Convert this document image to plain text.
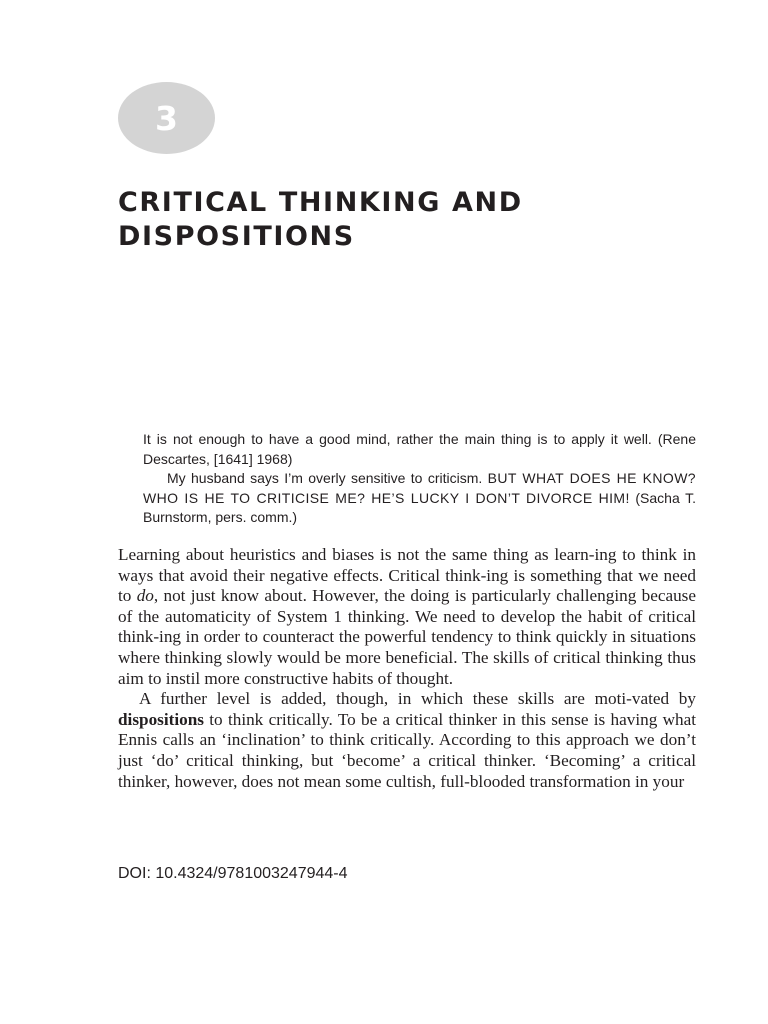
3
CRITICAL THINKING AND
DISPOSITIONS

It is not enough to have a good mind, rather the main thing is to apply it well. (Rene Descartes, [1641] 1968)

My husband says I’m overly sensitive to criticism. BUT WHAT DOES HE KNOW? WHO IS HE TO CRITICISE ME? HE’S LUCKY I DON’T DIVORCE HIM! (Sacha T. Burnstorm, pers. comm.)

Learning about heuristics and biases is not the same thing as learn‑ing to think in ways that avoid their negative effects. Critical think‑ing is something that we need to do, not just know about. However, the doing is particularly challenging because of the automaticity of System 1 thinking. We need to develop the habit of critical think‑ing in order to counteract the powerful tendency to think quickly in situations where thinking slowly would be more beneficial. The skills of critical thinking thus aim to instil more constructive habits of thought.

A further level is added, though, in which these skills are moti‑vated by dispositions to think critically. To be a critical thinker in this sense is having what Ennis calls an ‘inclination’ to think critically. According to this approach we don’t just ‘do’ critical thinking, but ‘become’ a critical thinker. ‘Becoming’ a critical thinker, however, does not mean some cultish, full-blooded transformation in your

DOI: 10.4324/9781003247944-4
